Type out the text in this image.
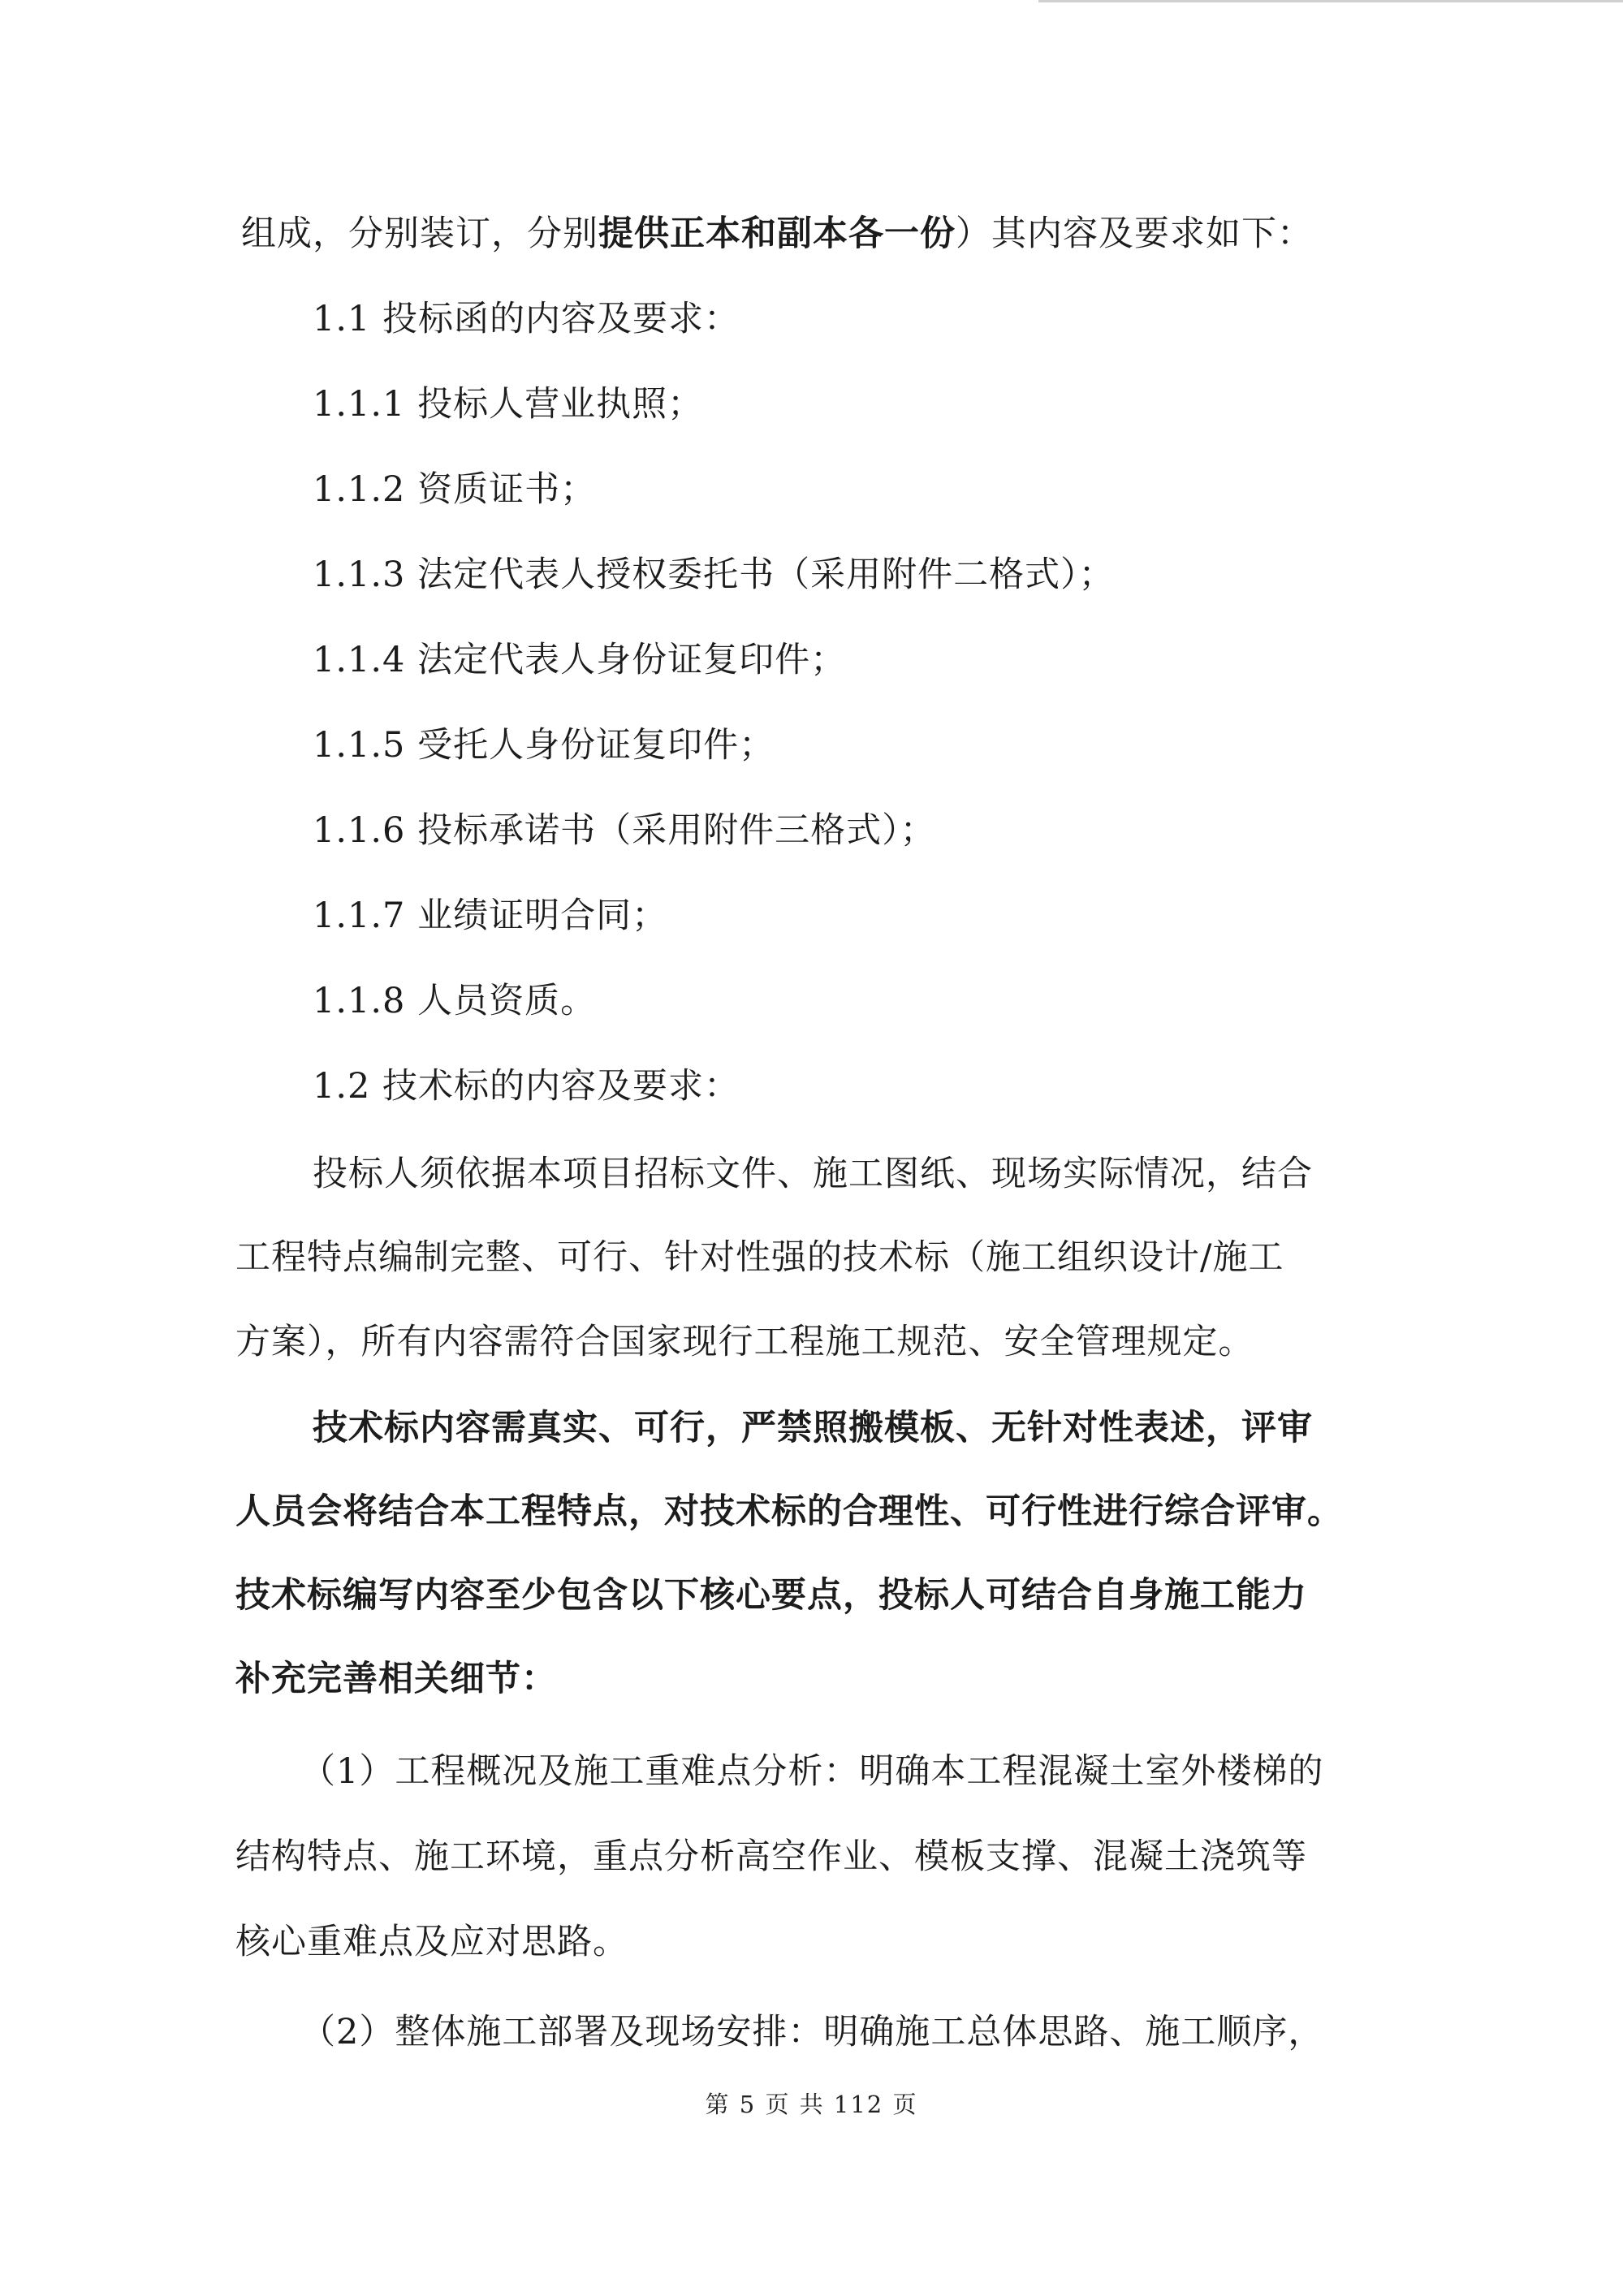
组成，分别装订，分别提供正本和副本各一份）其内容及要求如下：
1.1 投标函的内容及要求：
1.1.1 投标人营业执照；
1.1.2 资质证书；
1.1.3 法定代表人授权委托书（采用附件二格式）；
1.1.4 法定代表人身份证复印件；
1.1.5 受托人身份证复印件；
1.1.6 投标承诺书（采用附件三格式）；
1.1.7 业绩证明合同；
1.1.8 人员资质。
1.2 技术标的内容及要求：
投标人须依据本项目招标文件、施工图纸、现场实际情况，结合
工程特点编制完整、可行、针对性强的技术标（施工组织设计/施工
方案），所有内容需符合国家现行工程施工规范、安全管理规定。
技术标内容需真实、可行，严禁照搬模板、无针对性表述，评审
人员会将结合本工程特点，对技术标的合理性、可行性进行综合评审。
技术标编写内容至少包含以下核心要点，投标人可结合自身施工能力
补充完善相关细节：
（1）工程概况及施工重难点分析：明确本工程混凝土室外楼梯的
结构特点、施工环境，重点分析高空作业、模板支撑、混凝土浇筑等
核心重难点及应对思路。
（2）整体施工部署及现场安排：明确施工总体思路、施工顺序，
第 5 页 共 112 页
